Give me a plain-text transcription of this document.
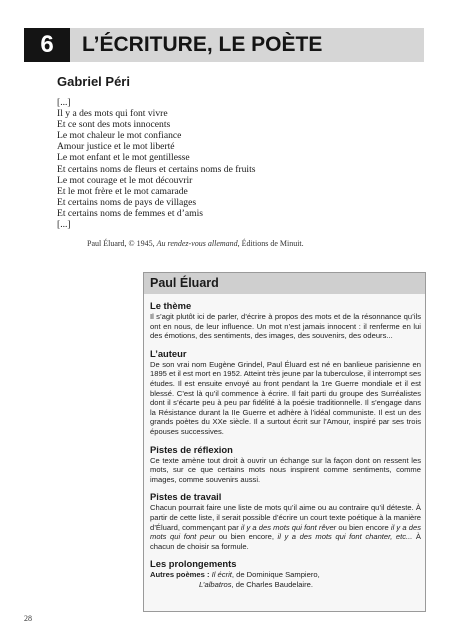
6	L’ÉCRITURE, LE POÈTE
Gabriel Péri
[...]
Il y a des mots qui font vivre
Et ce sont des mots innocents
Le mot chaleur le mot confiance
Amour justice et le mot liberté
Le mot enfant et le mot gentillesse
Et certains noms de fleurs et certains noms de fruits
Le mot courage et le mot découvrir
Et le mot frère et le mot camarade
Et certains noms de pays de villages
Et certains noms de femmes et d’amis
[...]
Paul Éluard, © 1945, Au rendez-vous allemand, Éditions de Minuit.
Paul Éluard
Le thème

Il s’agit plutôt ici de parler, d’écrire à propos des mots et de la résonnance qu’ils ont en nous, de leur influence. Un mot n’est jamais innocent : il renferme en lui des émotions, des sentiments, des images, des souvenirs, des odeurs...

L’auteur

De son vrai nom Eugène Grindel, Paul Éluard est né en banlieue parisienne en 1895 et il est mort en 1952. Atteint très jeune par la tuberculose, il interrompt ses études. Il est ensuite envoyé au front pendant la 1re Guerre mondiale et il est blessé. C’est là qu’il commence à écrire. Il fait parti du groupe des Surréalistes dont il s’écarte peu à peu par fidélité à la poésie traditionnelle. Il s’engage dans la Résistance durant la IIe Guerre et adhère à l’idéal communiste. Il est un des grands poètes du XXe siècle. Il a surtout écrit sur l’Amour, inspiré par ses trois épouses successives.

Pistes de réflexion

Ce texte amène tout droit à ouvrir un échange sur la façon dont on ressent les mots, sur ce que certains mots nous inspirent comme sentiments, comme images, comme souvenirs aussi.

Pistes de travail

Chacun pourrait faire une liste de mots qu’il aime ou au contraire qu’il déteste. À partir de cette liste, il serait possible d’écrire un court texte poétique à la manière d’Éluard, commençant par il y a des mots qui font rêver ou bien encore il y a des mots qui font peur ou bien encore, il y a des mots qui font chanter, etc... À chacun de choisir sa formule.

Les prolongements

Autres poèmes : Il écrit, de Dominique Sampiero,

L’albatros, de Charles Baudelaire.

28
